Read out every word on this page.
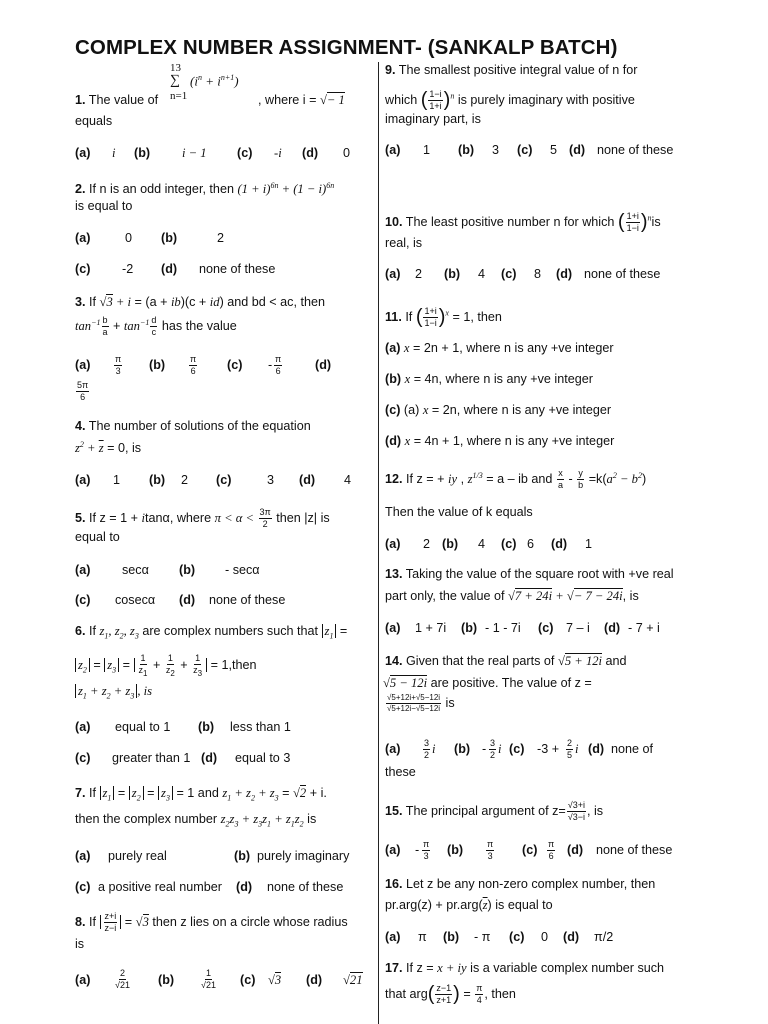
COMPLEX NUMBER ASSIGNMENT- (SANKALP BATCH)
13
∑
n=1
$(i^n + i^{n+1})$
1. The value of	, where i = √− 1
equals
(a) i (b)	i − 1 (c) -i (d) 0
2. If n is an odd integer, then $(1 + i)^{6n} + (1 - i)^{6n}$
is equal to
(a)	0 (b)	2
(c)	-2 (d) none of these
3. If √3 + i = (a + ib)(c + id) and bd < ac, then
$\tan^{-1} \frac{b}{a} + \tan^{-1} \frac{d}{c}$ has the value
(a)	π
3 (b)	π
6 (c) - π
6	(d)
$\frac{5\pi}{6}$
4. The number of solutions of the equation
$z^2 + \overline{z} = 0$, is
(a) 1 (b) 2 (c)	3 (d) 4
5. If z = 1 + itanα, where $\pi < \alpha < \frac{3\pi}{2}$ then |z| is
equal to
(a)	secα (b) - secα
(c) cosecα (d) none of these
6. If $z_1$, $z_2$, $z_3$ are complex numbers such that $z_1$ =
$z_2 = z_3 = \frac{1}{z_1} + \frac{1}{z_2} + \frac{1}{z_3}$ = 1,then
$z_1 + z_2 + z_3$ , is
(a) equal to 1 (b) less than 1
(c) greater than 1 (d) equal to 3
7. If $z_1 = z_2 = z_3 = 1$ and $z_1 + z_2 + z_3 = √2 + i$.
then the complex number $z_2z_3 + z_3z_1 + z_1z_2$ is
(a) purely real	(b) purely imaginary
(c) a positive real number (d) none of these
8. If $\frac{z+i}{z-i} = √3$ then z lies on a circle whose radius
is
(a)	2
√21 (b)	1
√21 (c) √3 (d) √21
9. The smallest positive integral value of n for
which ( $\frac{1-i}{1+i} )^n$ is purely imaginary with positive
imaginary part, is
(a) 1 (b) 3 (c) 5 (d) none of these
10. The least positive number n for which ( $\frac{1+i}{1-i} )^nis$
real, is
(a) 2 (b) 4 (c) 8 (d) none of these
11. If ( $\frac{1+i}{1-i} )^x = 1$, then
(a) x = 2n + 1, where n is any +ve integer
(b) x = 4n, where n is any +ve integer
(c) (a) x = 2n, where n is any +ve integer
(d) x = 4n + 1, where n is any +ve integer
12. If z = + iy , $z^{1/3} = a$ – ib and $\frac{x}{a} - \frac{y}{b} =k(a^2 - b^2)$
Then the value of k equals
(a) 2 (b) 4 (c) 6 (d) 1
13. Taking the value of the square root with +ve real
part only, the value of √7 + 24i + √− 7 − 24i, is
(a) 1 + 7i (b) - 1 - 7i (c) 7 – i (d) - 7 + i
14. Given that the real parts of √5 + 12i and
√5 − 12i are positive. The value of z =
$\frac{√5+12i+√5-12i}{√5+12i-√5-12i}$ is
(a)	3
2 i (b) - 3
2 i (c) -3 + 2
5 i (d) none of
these
15. The principal argument of $z= \frac{√3+i}{√3-i}$ , is
(a) - π
3 (b)	π
3 (c) π
6 (d) none of these
16. Let z be any non-zero complex number, then
$pr.arg(z) + pr.arg(\overline{z})$ is equal to
(a) π (b) - π (c) 0 (d) π/2
17. If z = x + iy is a variable complex number such
that $arg( \frac{z-1}{z+1}$ ) = $\frac{\pi}{4}$ , then
